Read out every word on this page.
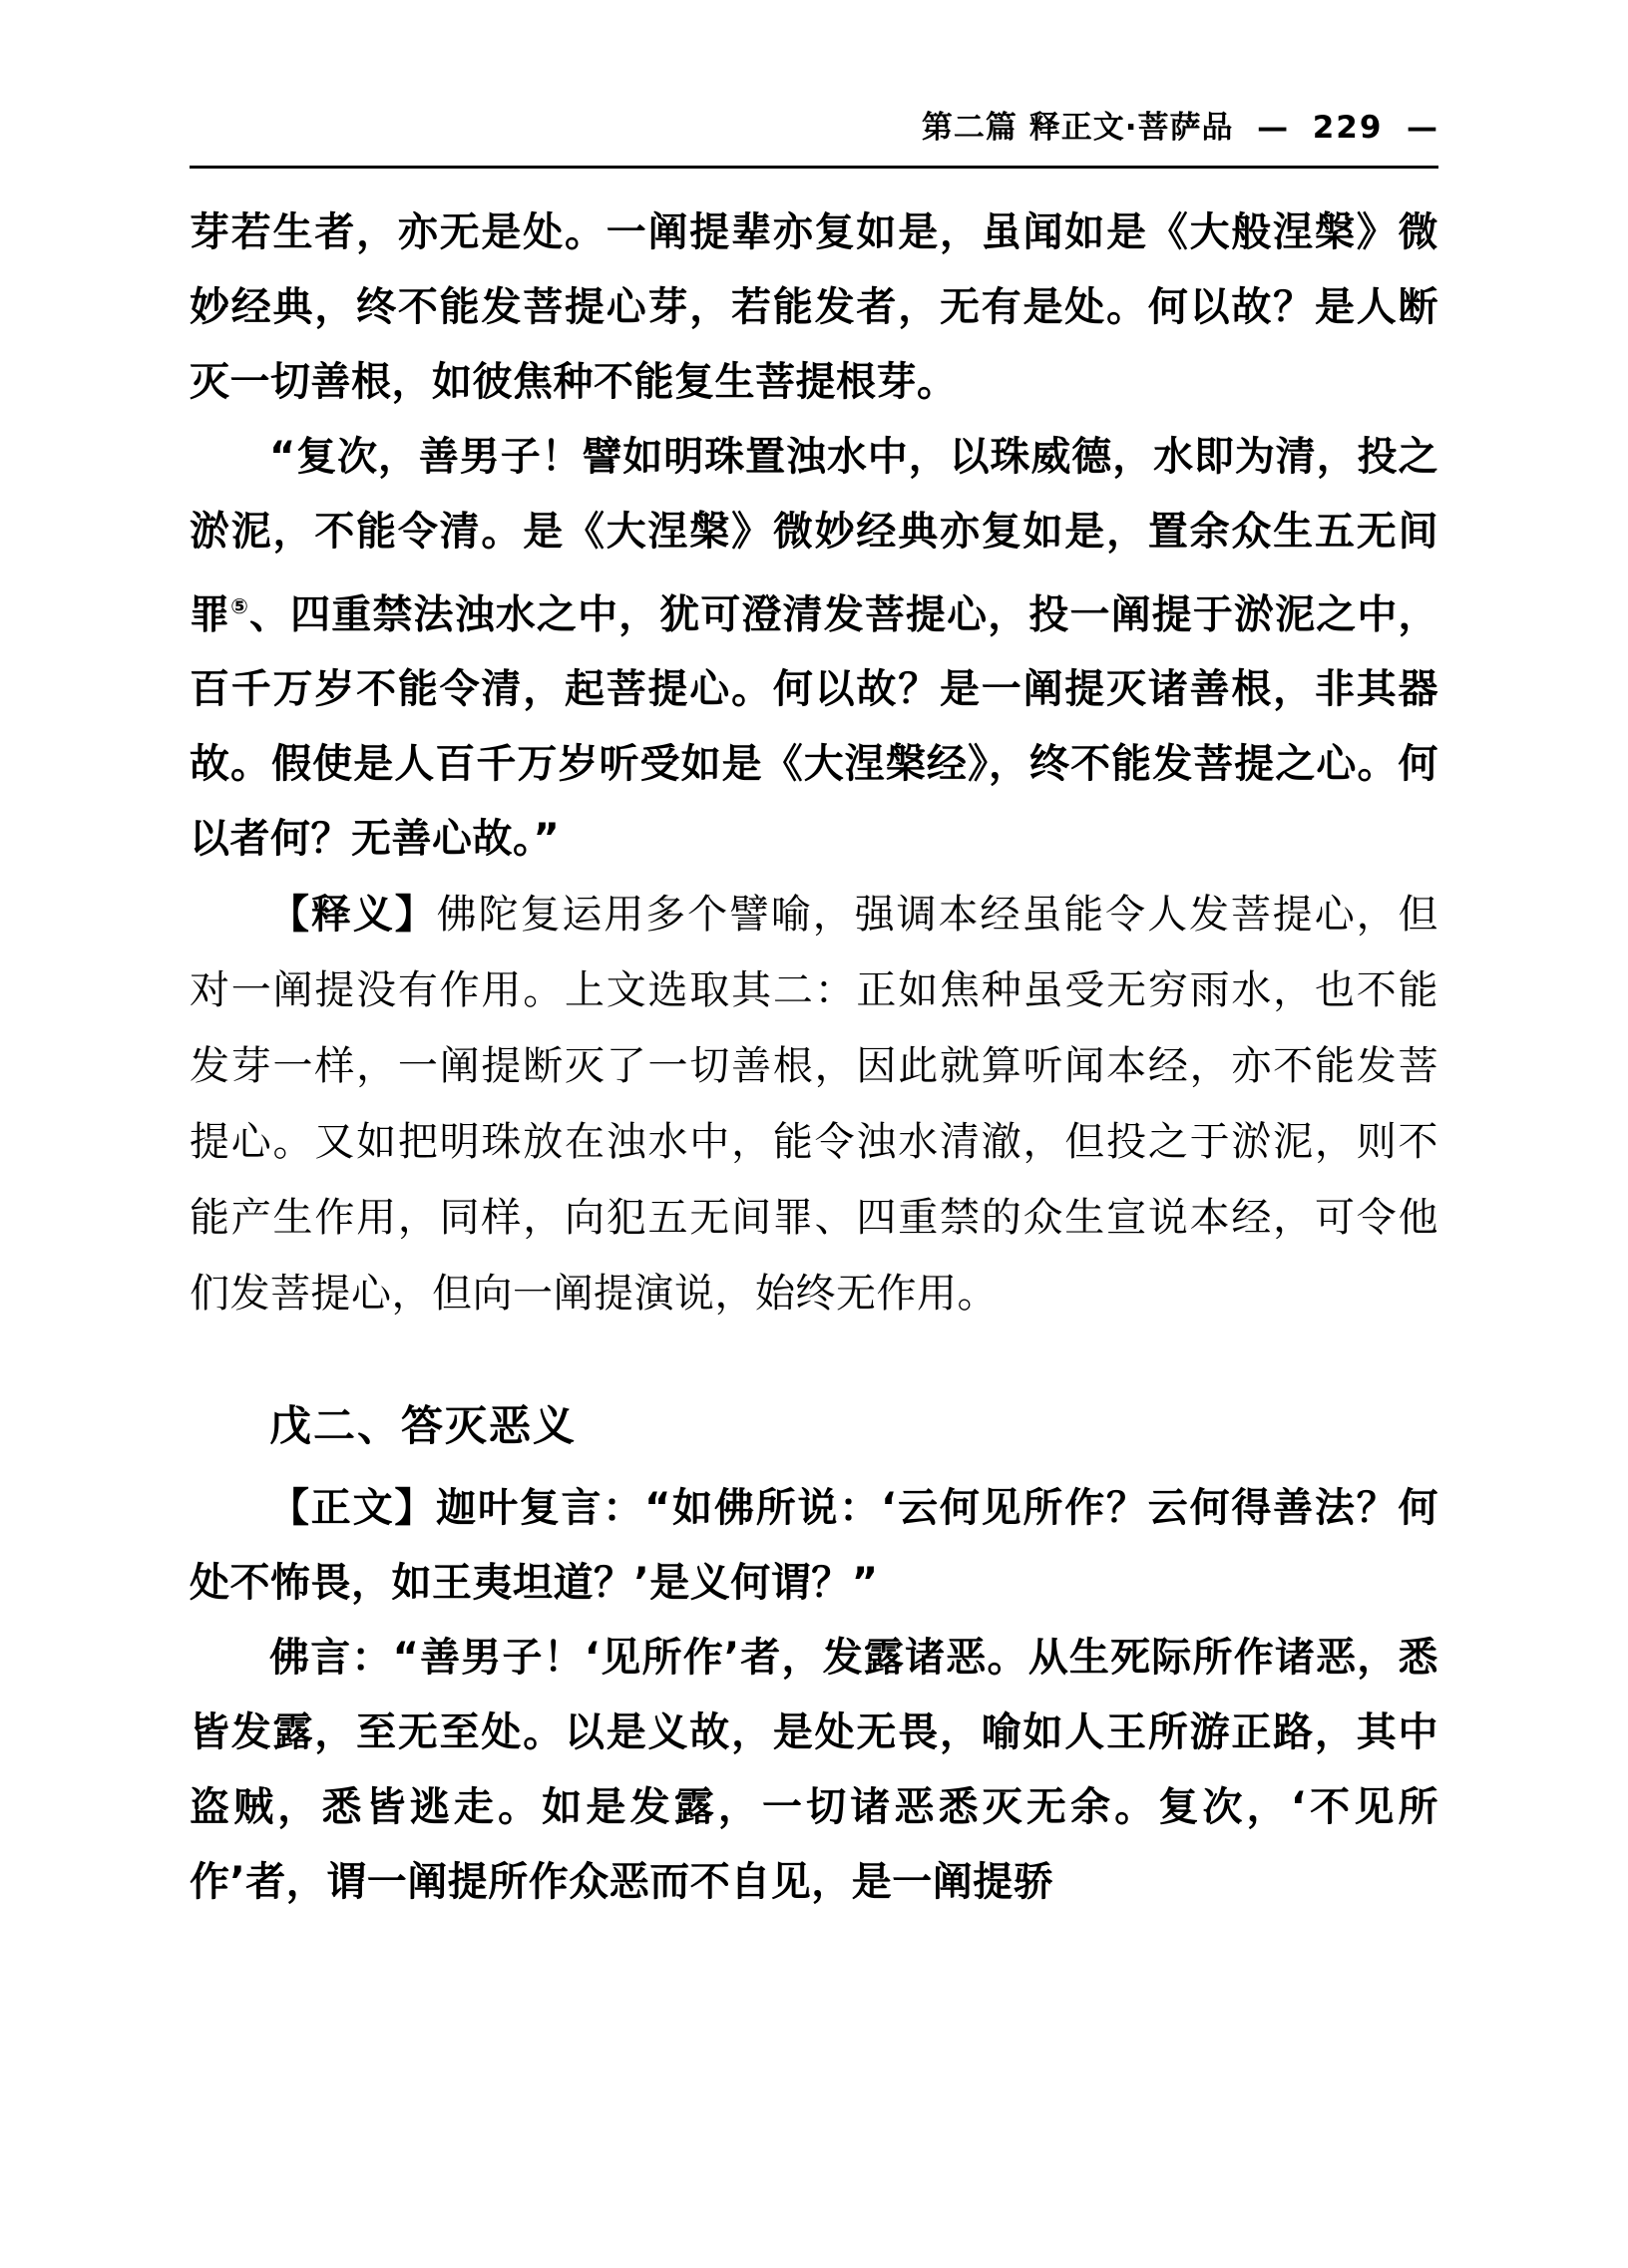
第二篇 释正文·菩萨品 — 229 —

芽若生者，亦无是处。一阐提辈亦复如是，虽闻如是《大般涅槃》微妙经典，终不能发菩提心芽，若能发者，无有是处。何以故？是人断灭一切善根，如彼焦种不能复生菩提根芽。

“复次，善男子！譬如明珠置浊水中，以珠威德，水即为清，投之淤泥，不能令清。是《大涅槃》微妙经典亦复如是，置余众生五无间罪⑤、四重禁法浊水之中，犹可澄清发菩提心，投一阐提于淤泥之中，百千万岁不能令清，起菩提心。何以故？是一阐提灭诸善根，非其器故。假使是人百千万岁听受如是《大涅槃经》，终不能发菩提之心。何以者何？无善心故。”

【释义】佛陀复运用多个譬喻，强调本经虽能令人发菩提心，但对一阐提没有作用。上文选取其二：正如焦种虽受无穷雨水，也不能发芽一样，一阐提断灭了一切善根，因此就算听闻本经，亦不能发菩提心。又如把明珠放在浊水中，能令浊水清澈，但投之于淤泥，则不能产生作用，同样，向犯五无间罪、四重禁的众生宣说本经，可令他们发菩提心，但向一阐提演说，始终无作用。

戊二、答灭恶义

【正文】迦叶复言：“如佛所说：‘云何见所作？云何得善法？何处不怖畏，如王夷坦道？’是义何谓？”

佛言：“善男子！‘见所作’者，发露诸恶。从生死际所作诸恶，悉皆发露，至无至处。以是义故，是处无畏，喻如人王所游正路，其中盗贼，悉皆逃走。如是发露，一切诸恶悉灭无余。复次，‘不见所作’者，谓一阐提所作众恶而不自见，是一阐提骄
